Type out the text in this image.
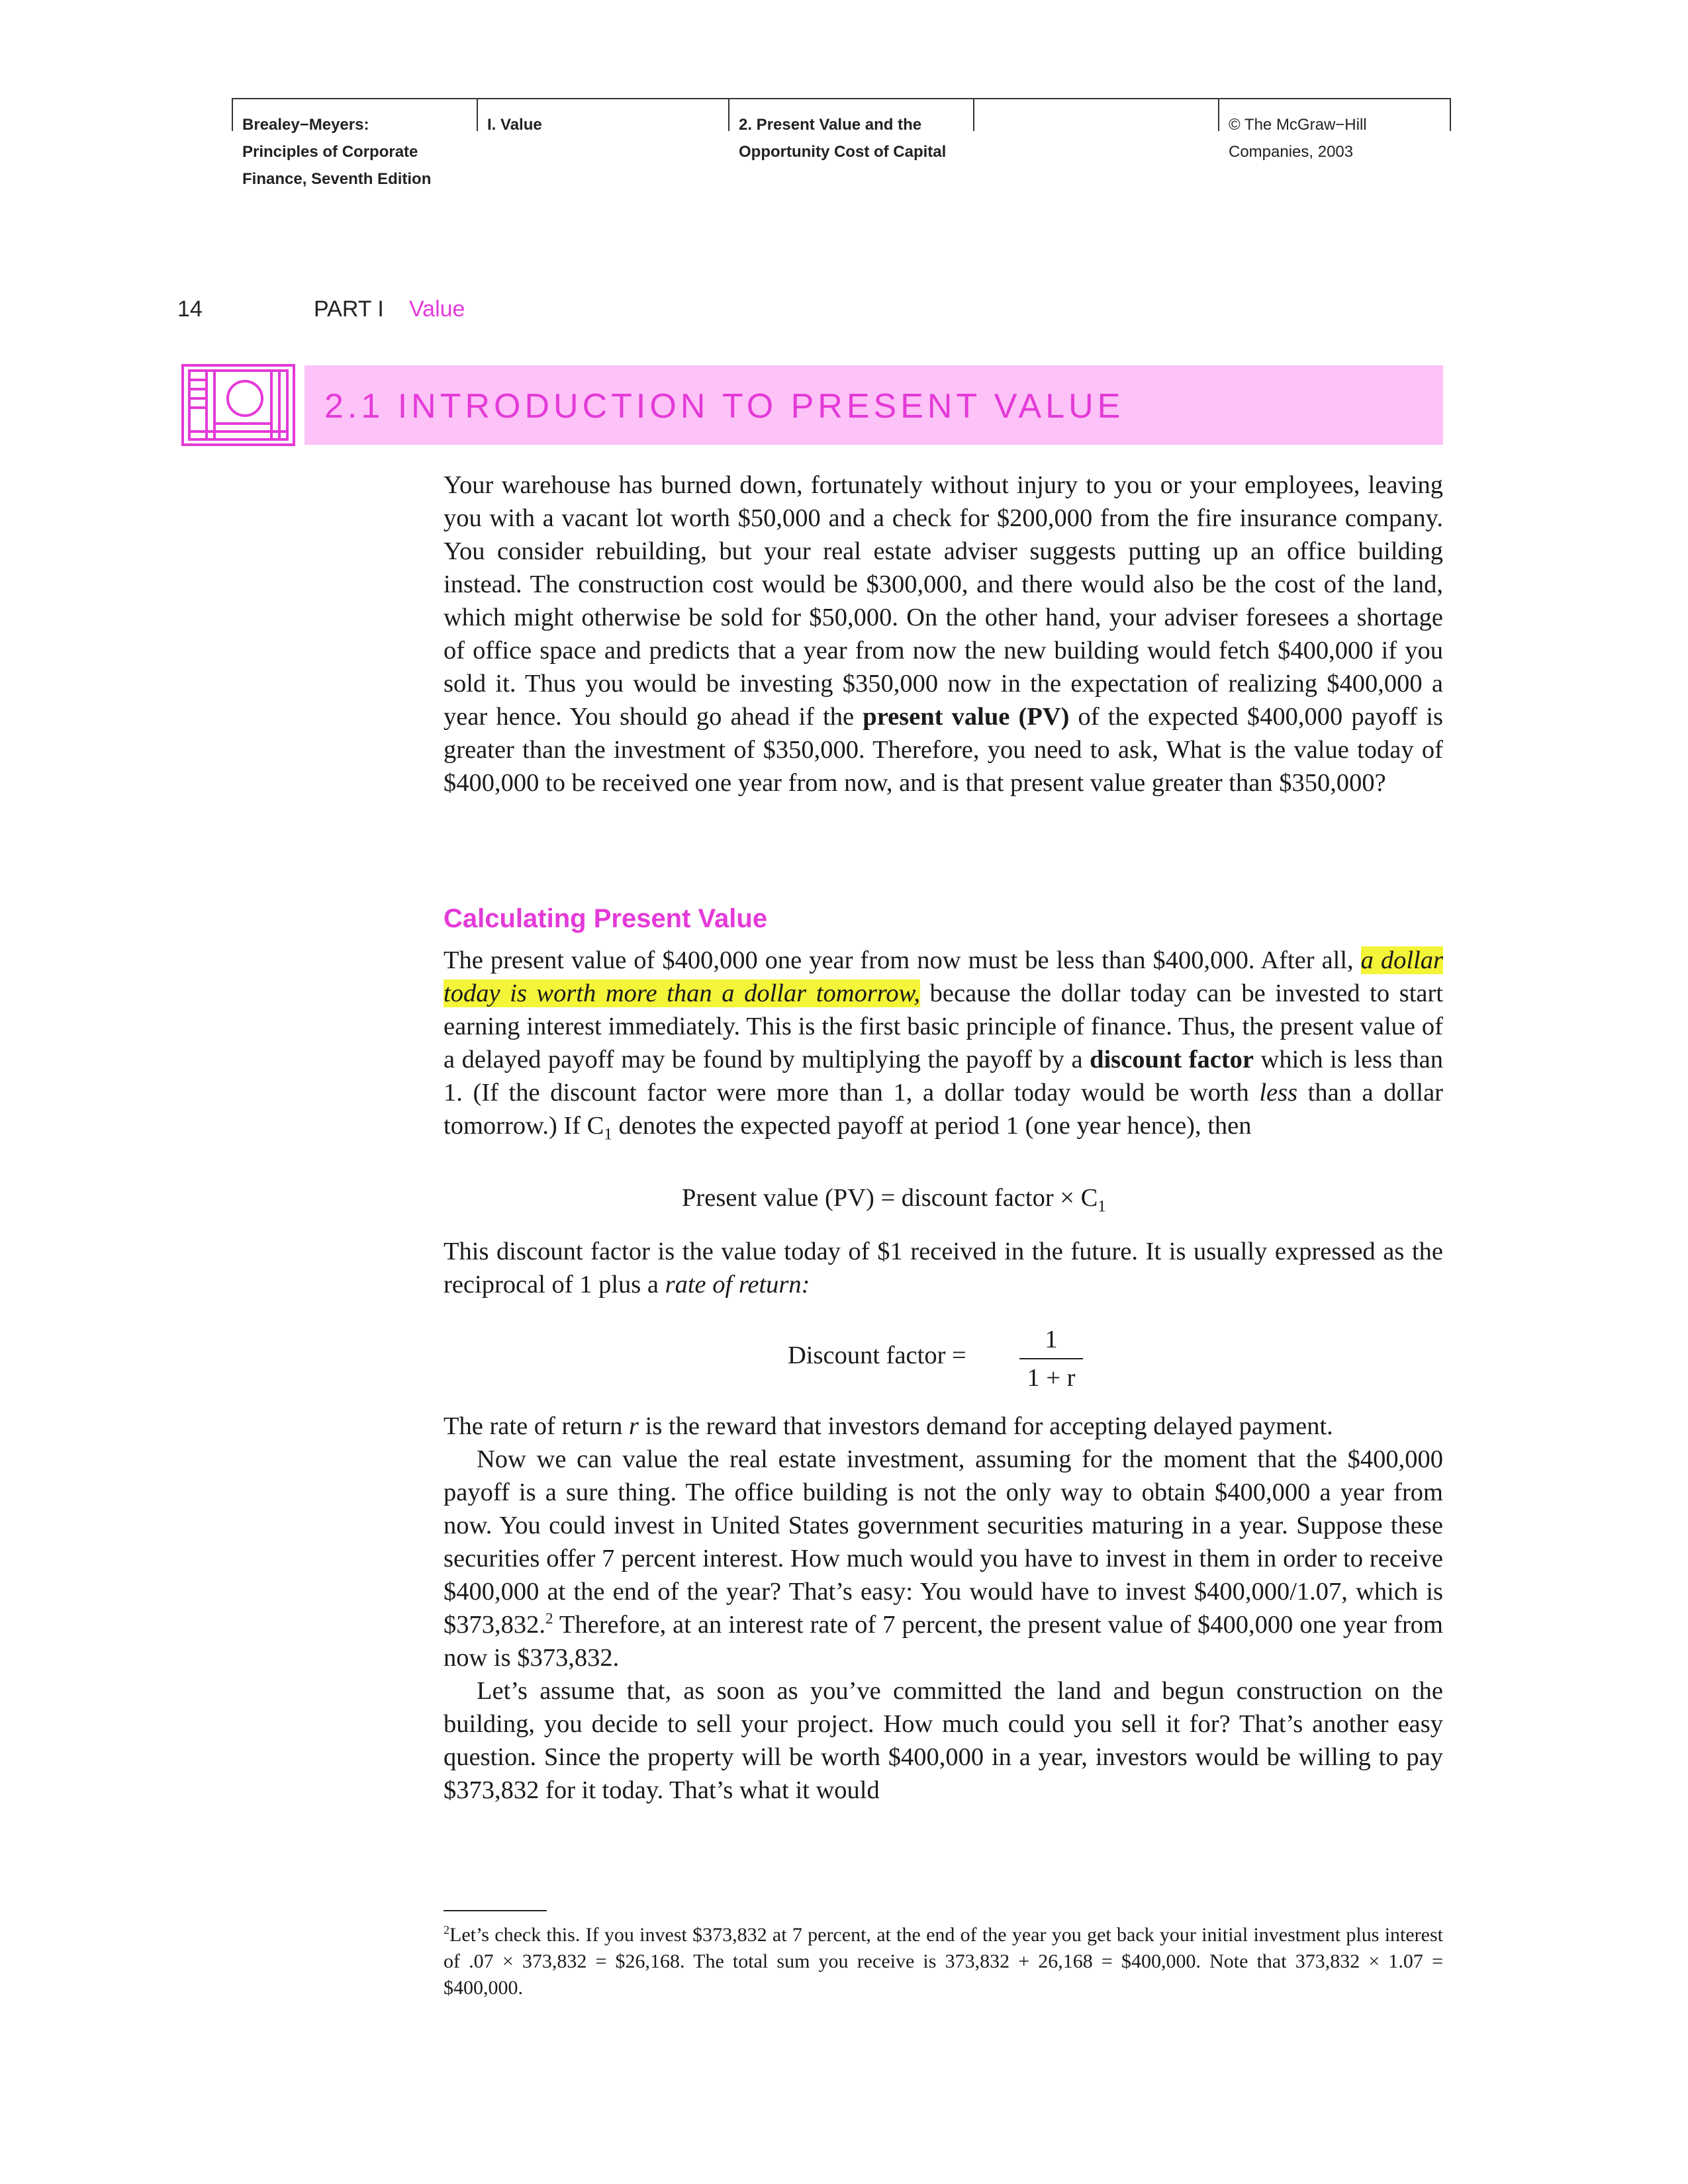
Brealey−Meyers:
Principles of Corporate
Finance, Seventh Edition
I. Value	2. Present Value and the
Opportunity Cost of Capital
© The McGraw−Hill
Companies, 2003
14	PART I Value
2.1 INTRODUCTION TO PRESENT VALUE

Your warehouse has burned down, fortunately without injury to you or your employees, leaving you with a vacant lot worth $50,000 and a check for $200,000 from the fire insurance company. You consider rebuilding, but your real estate adviser suggests putting up an office building instead. The construction cost would be $300,000, and there would also be the cost of the land, which might otherwise be sold for $50,000. On the other hand, your adviser foresees a shortage of office space and predicts that a year from now the new building would fetch $400,000 if you sold it. Thus you would be investing $350,000 now in the expectation of realizing $400,000 a year hence. You should go ahead if the present value (PV) of the expected $400,000 payoff is greater than the investment of $350,000. Therefore, you need to ask, What is the value today of $400,000 to be received one year from now, and is that present value greater than $350,000?

Calculating Present Value

The present value of $400,000 one year from now must be less than $400,000. After all, a dollar today is worth more than a dollar tomorrow, because the dollar today can be invested to start earning interest immediately. This is the first basic principle of finance. Thus, the present value of a delayed payoff may be found by multiplying the payoff by a discount factor which is less than 1. (If the discount factor were more than 1, a dollar today would be worth less than a dollar tomorrow.) If $C_1$ denotes the expected payoff at period 1 (one year hence), then

Present value (PV) = discount factor × $C_1$

This discount factor is the value today of $1 received in the future. It is usually expressed as the reciprocal of 1 plus a rate of return:

Discount factor =
1
1 + r

The rate of return r is the reward that investors demand for accepting delayed payment.

Now we can value the real estate investment, assuming for the moment that the $400,000 payoff is a sure thing. The office building is not the only way to obtain $400,000 a year from now. You could invest in United States government securities maturing in a year. Suppose these securities offer 7 percent interest. How much would you have to invest in them in order to receive $400,000 at the end of the year? That’s easy: You would have to invest $400,000/1.07, which is $373,832.$^2$ Therefore, at an interest rate of 7 percent, the present value of $400,000 one year from now is $373,832.

Let’s assume that, as soon as you’ve committed the land and begun construction on the building, you decide to sell your project. How much could you sell it for? That’s another easy question. Since the property will be worth $400,000 in a year, investors would be willing to pay $373,832 for it today. That’s what it would

$^2$Let’s check this. If you invest $373,832 at 7 percent, at the end of the year you get back your initial investment plus interest of .07 × 373,832 = $26,168. The total sum you receive is 373,832 + 26,168 = $400,000. Note that 373,832 × 1.07 = $400,000.
